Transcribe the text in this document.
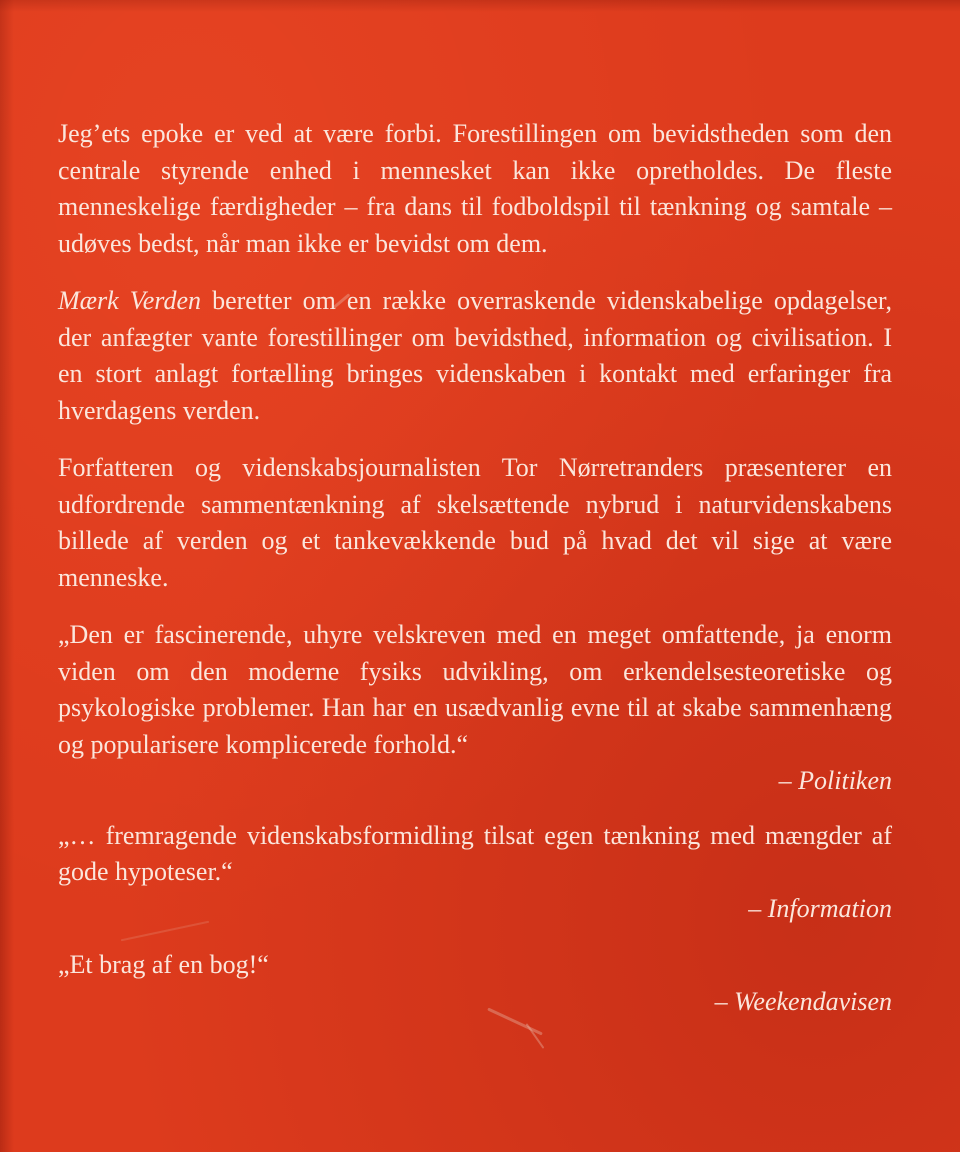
Jeg’ets epoke er ved at være forbi. Forestillingen om bevidstheden som den centrale styrende enhed i mennesket kan ikke opretholdes. De fleste menneskelige færdigheder – fra dans til fodboldspil til tænkning og samtale – udøves bedst, når man ikke er bevidst om dem.

Mærk Verden beretter om en række overraskende videnskabelige opdagelser, der anfægter vante forestillinger om bevidsthed, information og civilisation. I en stort anlagt fortælling bringes videnskaben i kontakt med erfaringer fra hverdagens verden.

Forfatteren og videnskabsjournalisten Tor Nørretranders præsenterer en udfordrende sammentænkning af skelsættende nybrud i naturvidenskabens billede af verden og et tankevækkende bud på hvad det vil sige at være menneske.

„Den er fascinerende, uhyre velskreven med en meget omfattende, ja enorm viden om den moderne fysiks udvikling, om erkendelsesteoretiske og psykologiske problemer. Han har en usædvanlig evne til at skabe sammenhæng og popularisere komplicerede forhold.“

– Politiken

„… fremragende videnskabsformidling tilsat egen tænkning med mængder af gode hypoteser.“

– Information

„Et brag af en bog!“

– Weekendavisen
